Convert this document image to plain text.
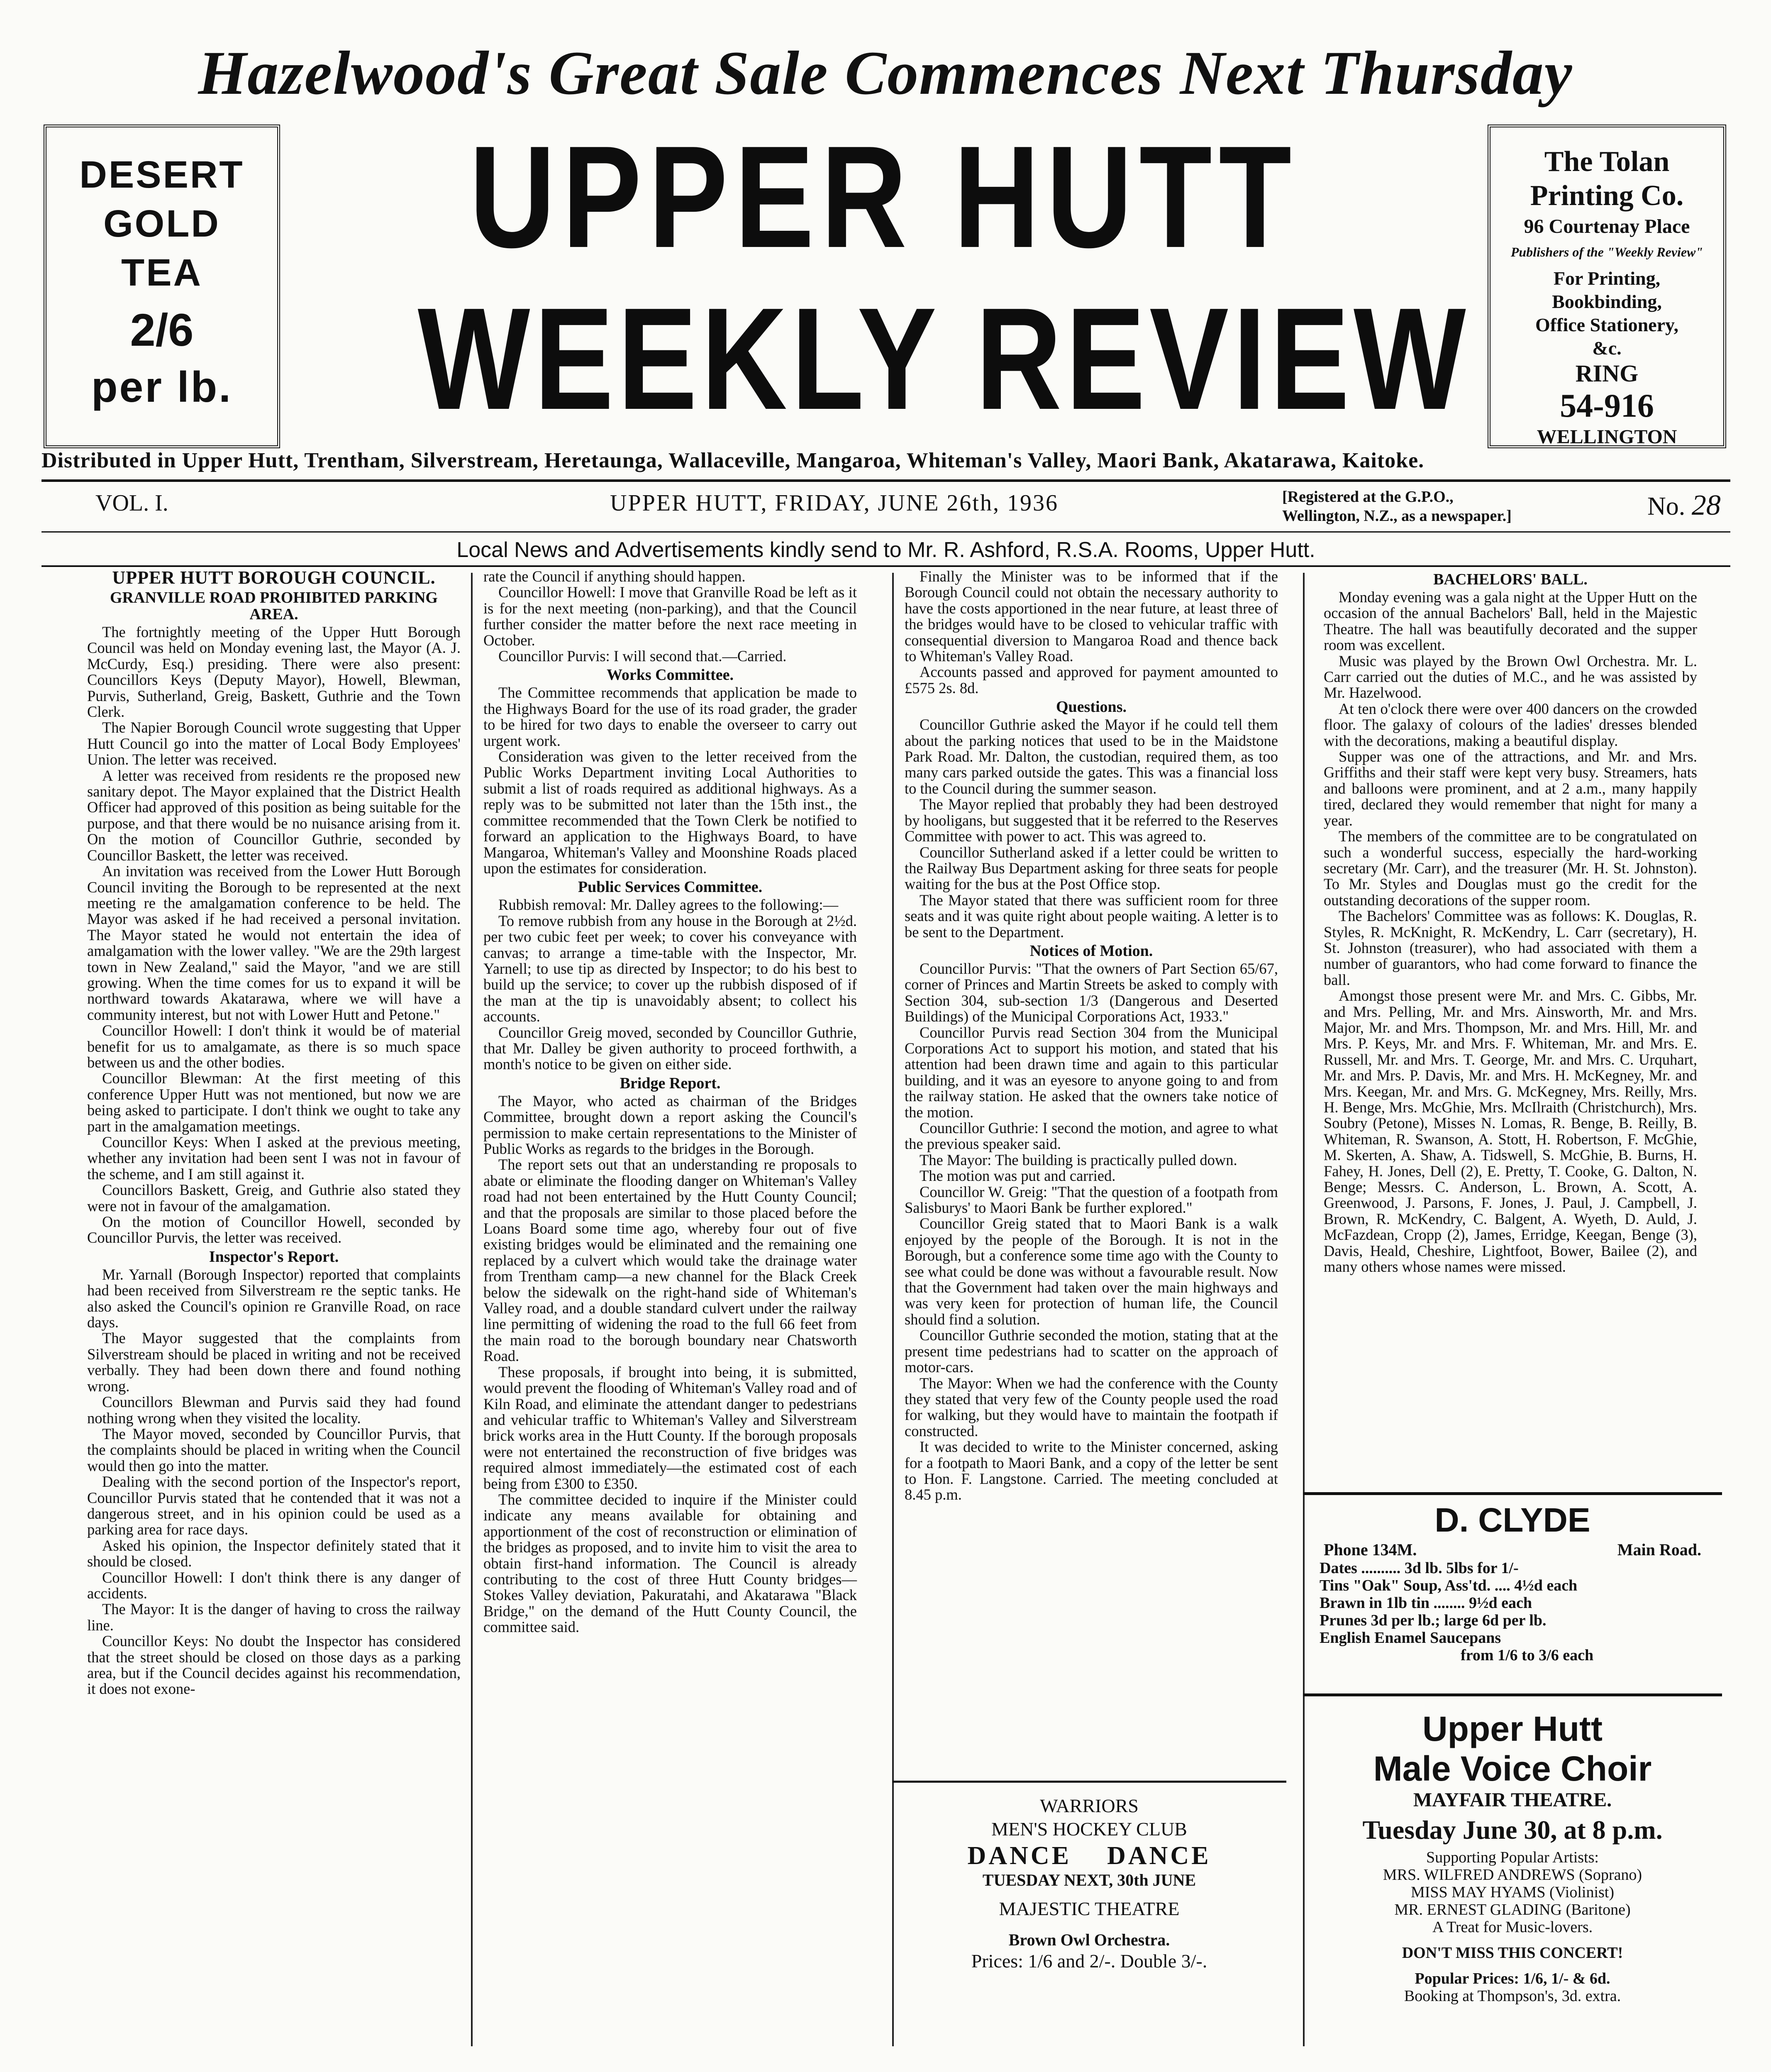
Hazelwood's Great Sale Commences Next Thursday
DESERT
GOLD
TEA
2/6
per lb.
UPPER HUTT
WEEKLY REVIEW
The Tolan
Printing Co.
96 Courtenay Place
Publishers of the "Weekly Review"
For Printing,
Bookbinding,
Office Stationery,
&c.
RING
54-916
WELLINGTON
Distributed in Upper Hutt, Trentham, Silverstream, Heretaunga, Wallaceville, Mangaroa, Whiteman's Valley, Maori Bank, Akatarawa, Kaitoke.
VOL. I.	UPPER HUTT, FRIDAY, JUNE 26th, 1936	[Registered at the G.P.O.,
Wellington, N.Z., as a newspaper.]	No. 28
Local News and Advertisements kindly send to Mr. R. Ashford, R.S.A. Rooms, Upper Hutt.
UPPER HUTT BOROUGH COUNCIL.
GRANVILLE ROAD PROHIBITED PARKING AREA.

The fortnightly meeting of the Upper Hutt Borough Council was held on Monday evening last, the Mayor (A. J. McCurdy, Esq.) presiding. There were also present: Councillors Keys (Deputy Mayor), Howell, Blewman, Purvis, Sutherland, Greig, Baskett, Guthrie and the Town Clerk.

The Napier Borough Council wrote suggesting that Upper Hutt Council go into the matter of Local Body Employees' Union. The letter was received.

A letter was received from residents re the proposed new sanitary depot. The Mayor explained that the District Health Officer had approved of this position as being suitable for the purpose, and that there would be no nuisance arising from it. On the motion of Councillor Guthrie, seconded by Councillor Baskett, the letter was received.

An invitation was received from the Lower Hutt Borough Council inviting the Borough to be represented at the next meeting re the amalgamation conference to be held. The Mayor was asked if he had received a personal invitation. The Mayor stated he would not entertain the idea of amalgamation with the lower valley. "We are the 29th largest town in New Zealand," said the Mayor, "and we are still growing. When the time comes for us to expand it will be northward towards Akatarawa, where we will have a community interest, but not with Lower Hutt and Petone."

Councillor Howell: I don't think it would be of material benefit for us to amalgamate, as there is so much space between us and the other bodies.

Councillor Blewman: At the first meeting of this conference Upper Hutt was not mentioned, but now we are being asked to participate. I don't think we ought to take any part in the amalgamation meetings.

Councillor Keys: When I asked at the previous meeting, whether any invitation had been sent I was not in favour of the scheme, and I am still against it.

Councillors Baskett, Greig, and Guthrie also stated they were not in favour of the amalgamation.

On the motion of Councillor Howell, seconded by Councillor Purvis, the letter was received.

Inspector's Report.

Mr. Yarnall (Borough Inspector) reported that complaints had been received from Silverstream re the septic tanks. He also asked the Council's opinion re Granville Road, on race days.

The Mayor suggested that the complaints from Silverstream should be placed in writing and not be received verbally. They had been down there and found nothing wrong.

Councillors Blewman and Purvis said they had found nothing wrong when they visited the locality.

The Mayor moved, seconded by Councillor Purvis, that the complaints should be placed in writing when the Council would then go into the matter.

Dealing with the second portion of the Inspector's report, Councillor Purvis stated that he contended that it was not a dangerous street, and in his opinion could be used as a parking area for race days.

Asked his opinion, the Inspector definitely stated that it should be closed.

Councillor Howell: I don't think there is any danger of accidents.

The Mayor: It is the danger of having to cross the railway line.

Councillor Keys: No doubt the Inspector has considered that the street should be closed on those days as a parking area, but if the Council decides against his recommendation, it does not exone-

rate the Council if anything should happen.

Councillor Howell: I move that Granville Road be left as it is for the next meeting (non-parking), and that the Council further consider the matter before the next race meeting in October.

Councillor Purvis: I will second that.—Carried.

Works Committee.

The Committee recommends that application be made to the Highways Board for the use of its road grader, the grader to be hired for two days to enable the overseer to carry out urgent work.

Consideration was given to the letter received from the Public Works Department inviting Local Authorities to submit a list of roads required as additional highways. As a reply was to be submitted not later than the 15th inst., the committee recommended that the Town Clerk be notified to forward an application to the Highways Board, to have Mangaroa, Whiteman's Valley and Moonshine Roads placed upon the estimates for consideration.

Public Services Committee.

Rubbish removal: Mr. Dalley agrees to the following:—

To remove rubbish from any house in the Borough at 2½d. per two cubic feet per week; to cover his conveyance with canvas; to arrange a time-table with the Inspector, Mr. Yarnell; to use tip as directed by Inspector; to do his best to build up the service; to cover up the rubbish disposed of if the man at the tip is unavoidably absent; to collect his accounts.

Councillor Greig moved, seconded by Councillor Guthrie, that Mr. Dalley be given authority to proceed forthwith, a month's notice to be given on either side.

Bridge Report.

The Mayor, who acted as chairman of the Bridges Committee, brought down a report asking the Council's permission to make certain representations to the Minister of Public Works as regards to the bridges in the Borough.

The report sets out that an understanding re proposals to abate or eliminate the flooding danger on Whiteman's Valley road had not been entertained by the Hutt County Council; and that the proposals are similar to those placed before the Loans Board some time ago, whereby four out of five existing bridges would be eliminated and the remaining one replaced by a culvert which would take the drainage water from Trentham camp—a new channel for the Black Creek below the sidewalk on the right-hand side of Whiteman's Valley road, and a double standard culvert under the railway line permitting of widening the road to the full 66 feet from the main road to the borough boundary near Chatsworth Road.

These proposals, if brought into being, it is submitted, would prevent the flooding of Whiteman's Valley road and of Kiln Road, and eliminate the attendant danger to pedestrians and vehicular traffic to Whiteman's Valley and Silverstream brick works area in the Hutt County. If the borough proposals were not entertained the reconstruction of five bridges was required almost immediately—the estimated cost of each being from £300 to £350.

The committee decided to inquire if the Minister could indicate any means available for obtaining and apportionment of the cost of reconstruction or elimination of the bridges as proposed, and to invite him to visit the area to obtain first-hand information. The Council is already contributing to the cost of three Hutt County bridges—Stokes Valley deviation, Pakuratahi, and Akatarawa "Black Bridge," on the demand of the Hutt County Council, the committee said.

Finally the Minister was to be informed that if the Borough Council could not obtain the necessary authority to have the costs apportioned in the near future, at least three of the bridges would have to be closed to vehicular traffic with consequential diversion to Mangaroa Road and thence back to Whiteman's Valley Road.

Accounts passed and approved for payment amounted to £575 2s. 8d.

Questions.

Councillor Guthrie asked the Mayor if he could tell them about the parking notices that used to be in the Maidstone Park Road. Mr. Dalton, the custodian, required them, as too many cars parked outside the gates. This was a financial loss to the Council during the summer season.

The Mayor replied that probably they had been destroyed by hooligans, but suggested that it be referred to the Reserves Committee with power to act. This was agreed to.

Councillor Sutherland asked if a letter could be written to the Railway Bus Department asking for three seats for people waiting for the bus at the Post Office stop.

The Mayor stated that there was sufficient room for three seats and it was quite right about people waiting. A letter is to be sent to the Department.

Notices of Motion.

Councillor Purvis: "That the owners of Part Section 65/67, corner of Princes and Martin Streets be asked to comply with Section 304, sub-section 1/3 (Dangerous and Deserted Buildings) of the Municipal Corporations Act, 1933."

Councillor Purvis read Section 304 from the Municipal Corporations Act to support his motion, and stated that his attention had been drawn time and again to this particular building, and it was an eyesore to anyone going to and from the railway station. He asked that the owners take notice of the motion.

Councillor Guthrie: I second the motion, and agree to what the previous speaker said.

The Mayor: The building is practically pulled down.

The motion was put and carried.

Councillor W. Greig: "That the question of a footpath from Salisburys' to Maori Bank be further explored."

Councillor Greig stated that to Maori Bank is a walk enjoyed by the people of the Borough. It is not in the Borough, but a conference some time ago with the County to see what could be done was without a favourable result. Now that the Government had taken over the main highways and was very keen for protection of human life, the Council should find a solution.

Councillor Guthrie seconded the motion, stating that at the present time pedestrians had to scatter on the approach of motor-cars.

The Mayor: When we had the conference with the County they stated that very few of the County people used the road for walking, but they would have to maintain the footpath if constructed.

It was decided to write to the Minister concerned, asking for a footpath to Maori Bank, and a copy of the letter be sent to Hon. F. Langstone. Carried. The meeting concluded at 8.45 p.m.

WARRIORS
MEN'S HOCKEY CLUB
DANCE    DANCE
TUESDAY NEXT, 30th JUNE
MAJESTIC THEATRE
Brown Owl Orchestra.
Prices: 1/6 and 2/-. Double 3/-.
BACHELORS' BALL.

Monday evening was a gala night at the Upper Hutt on the occasion of the annual Bachelors' Ball, held in the Majestic Theatre. The hall was beautifully decorated and the supper room was excellent.

Music was played by the Brown Owl Orchestra. Mr. L. Carr carried out the duties of M.C., and he was assisted by Mr. Hazelwood.

At ten o'clock there were over 400 dancers on the crowded floor. The galaxy of colours of the ladies' dresses blended with the decorations, making a beautiful display.

Supper was one of the attractions, and Mr. and Mrs. Griffiths and their staff were kept very busy. Streamers, hats and balloons were prominent, and at 2 a.m., many happily tired, declared they would remember that night for many a year.

The members of the committee are to be congratulated on such a wonderful success, especially the hard-working secretary (Mr. Carr), and the treasurer (Mr. H. St. Johnston). To Mr. Styles and Douglas must go the credit for the outstanding decorations of the supper room.

The Bachelors' Committee was as follows: K. Douglas, R. Styles, R. McKnight, R. McKendry, L. Carr (secretary), H. St. Johnston (treasurer), who had associated with them a number of guarantors, who had come forward to finance the ball.

Amongst those present were Mr. and Mrs. C. Gibbs, Mr. and Mrs. Pelling, Mr. and Mrs. Ainsworth, Mr. and Mrs. Major, Mr. and Mrs. Thompson, Mr. and Mrs. Hill, Mr. and Mrs. P. Keys, Mr. and Mrs. F. Whiteman, Mr. and Mrs. E. Russell, Mr. and Mrs. T. George, Mr. and Mrs. C. Urquhart, Mr. and Mrs. P. Davis, Mr. and Mrs. H. McKegney, Mr. and Mrs. Keegan, Mr. and Mrs. G. McKegney, Mrs. Reilly, Mrs. H. Benge, Mrs. McGhie, Mrs. McIlraith (Christchurch), Mrs. Soubry (Petone), Misses N. Lomas, R. Benge, B. Reilly, B. Whiteman, R. Swanson, A. Stott, H. Robertson, F. McGhie, M. Skerten, A. Shaw, A. Tidswell, S. McGhie, B. Burns, H. Fahey, H. Jones, Dell (2), E. Pretty, T. Cooke, G. Dalton, N. Benge; Messrs. C. Anderson, L. Brown, A. Scott, A. Greenwood, J. Parsons, F. Jones, J. Paul, J. Campbell, J. Brown, R. McKendry, C. Balgent, A. Wyeth, D. Auld, J. McFazdean, Cropp (2), James, Erridge, Keegan, Benge (3), Davis, Heald, Cheshire, Lightfoot, Bower, Bailee (2), and many others whose names were missed.

D. CLYDE
Phone 134M.	Main Road.
Dates .......... 3d lb. 5lbs for 1/-
Tins "Oak" Soup, Ass'td. .... 4½d each
Brawn in 1lb tin ........ 9½d each
Prunes 3d per lb.; large 6d per lb.
English Enamel Saucepans
from 1/6 to 3/6 each
Upper Hutt
Male Voice Choir
MAYFAIR THEATRE.
Tuesday June 30, at 8 p.m.
Supporting Popular Artists:
MRS. WILFRED ANDREWS (Soprano)
MISS MAY HYAMS (Violinist)
MR. ERNEST GLADING (Baritone)
A Treat for Music-lovers.
DON'T MISS THIS CONCERT!
Popular Prices: 1/6, 1/- & 6d.
Booking at Thompson's, 3d. extra.
